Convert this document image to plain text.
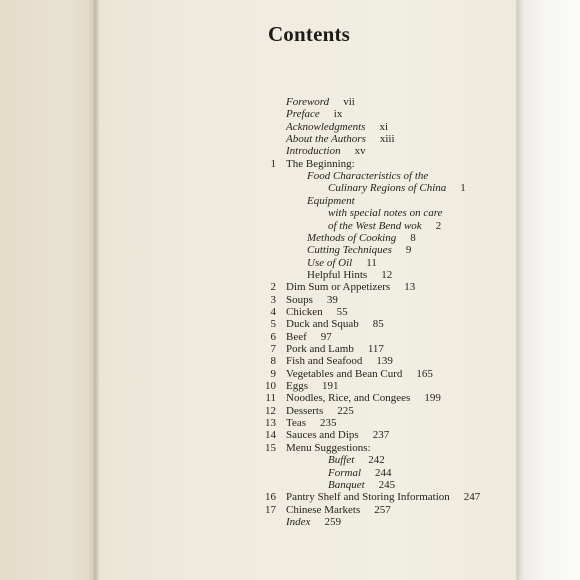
Contents
Foreword vii
Preface ix
Acknowledgments xi
About the Authors xiii
Introduction xv
1 The Beginning:
Food Characteristics of the
Culinary Regions of China 1
Equipment
with special notes on care
of the West Bend wok 2
Methods of Cooking 8
Cutting Techniques 9
Use of Oil 11
Helpful Hints 12
2 Dim Sum or Appetizers 13
3 Soups 39
4 Chicken 55
5 Duck and Squab 85
6 Beef 97
7 Pork and Lamb 117
8 Fish and Seafood 139
9 Vegetables and Bean Curd 165
10 Eggs 191
11 Noodles, Rice, and Congees 199
12 Desserts 225
13 Teas 235
14 Sauces and Dips 237
15 Menu Suggestions:
Buffet 242
Formal 244
Banquet 245
16 Pantry Shelf and Storing Information 247
17 Chinese Markets 257
Index 259
